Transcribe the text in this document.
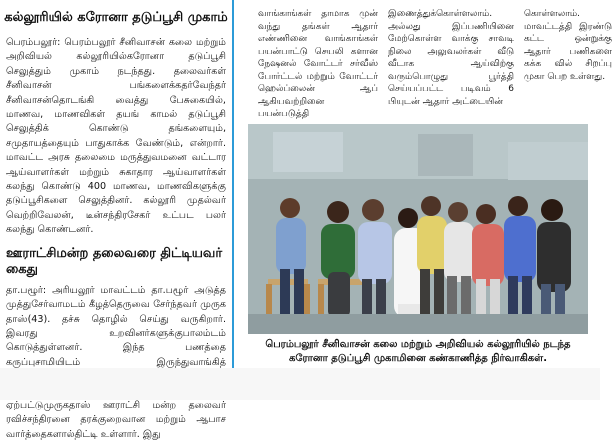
கல்லூரியில் கரோனா தடுப்பூசி முகாம்
பெரம்பலூர்: பெரம்பலூர் சீனிவாசன் கலை மற்றும் அறிவியல் கல்லூரியில்கரோனா தடுப்பூசி செலுத்தும் முகாம் நடந்தது. தலைவர்கள் சீனிவாசன் பங்களைக்கதர்வேந்தர் சீனிவாசன்தொடங்கி வைத்து பேசுகையில், மாணவ, மாணவிகள் தயங் காமல் தடுப்பூசி செலுத்திக் கொண்டு தங்களையும், சமுதாயத்தையும் பாதுகாக்க வேண்டும், என்றார். மாவட்ட அரசு தலைமை மருத்துவமனை வட்டார ஆய்வாளர்கள் மற்றும் சுகாதார ஆய்வாளர்கள் கலந்து கொண்டு 400 மாணவ, மாணவிகளுக்கு தடுப்பூசிகளை செலுத்தினர். கல்லூரி முதல்வர் வெற்றிவேலன், டீன்சந்திரசேகர் உட்பட பலர் கலந்து கொண்டனர்.
ஊராட்சிமன்ற தலைவரை திட்டியவர் கைது
தா.பழூர்: அரியலூர் மாவட்டம் தா.பழூர் அடுத்த முத்துசேர்வாமடம் கீழத்தெருவை சேர்ந்தவர் முருக தாஸ்(43). தச்சு தொழில் செய்து வருகிறார். இவரது உறவினர்களுக்குபாலம்டம் கொடுத்துள்ளனர். இந்த பணத்தை கருப்புசாமியிடம் இருந்துவாங்கித் ஏற்பட்டுமுருகதாஸ் ஊராட்சி மன்ற தலைவர் ரவிச்சந்திரனை தரக்குறைவான மற்றும் ஆபாச வார்த்தைகளால்திட்டி உள்ளார். இது
வாங்காங்கள் தாமாக முன் வந்து தங்கள் ஆதார் எண்ணினை வாங்காங்கள் பயன்பாட்டு செயலி களான நேஷனல் வோட்டர் சர்வீஸ் போர்ட்டல் மற்றும் வோட்டர் ஹெல்ப்லைன் ஆப் ஆகியவற்றினை பயன்படுத்தி
இணைத்துக்கொள்ளலாம். அல்லது இப்பணியினை மேற்கொள்ள வாக்கு சாவடி நிலை அலுவலர்கள் வீடு வீடாக ஆய்விற்கு வரும்பொழுது பூர்த்தி செய்யப்பட்ட படிவம் 6 பியுடன் ஆதார் அட்டையின்
கொள்ளலாம். மாவட்டத்தி இரண்டு கட்ட ஒன்றுக்கு ஆதார் பணிகளை கக்க வில் சிறப்பு முகா பெற உள்ளது.
பெரம்பலூர் சீனிவாசன் கலை மற்றும் அறிவியல் கல்லூரியில் நடந்த கரோனா தடுப்பூசி முகாமினை கண்காணித்த நிர்வாகிகள்.
